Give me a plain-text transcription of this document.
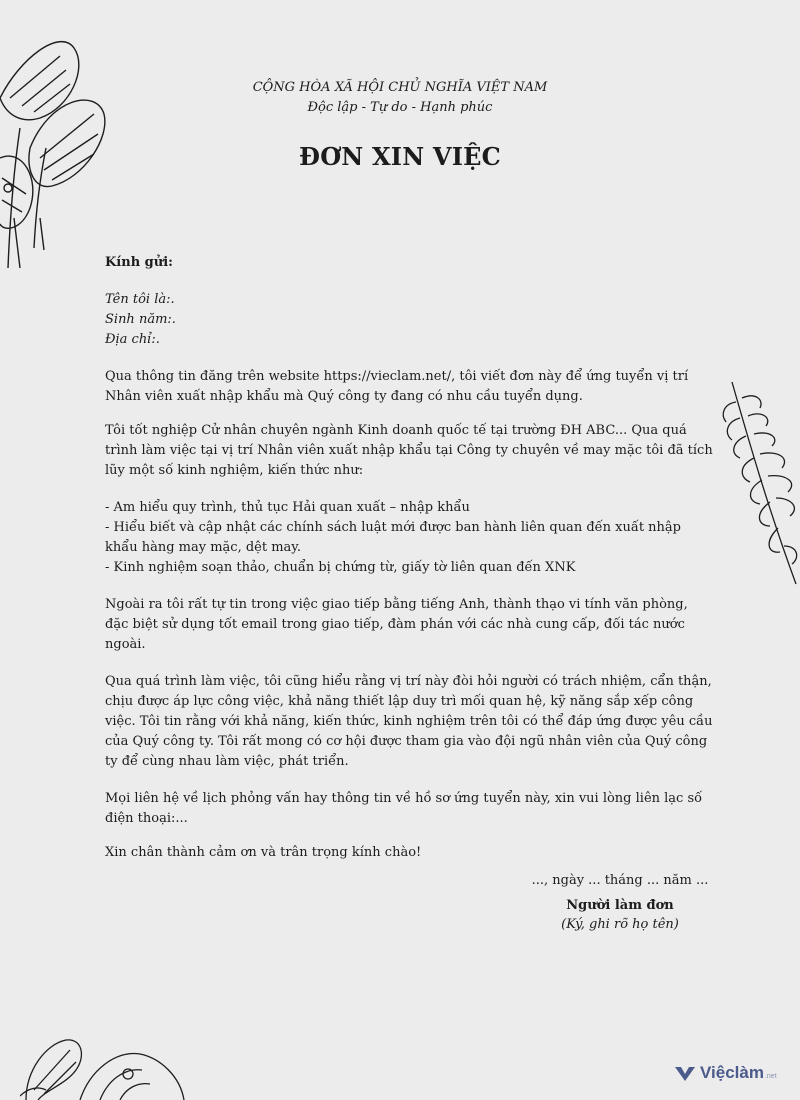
CỘNG HÒA XÃ HỘI CHỦ NGHĨA VIỆT NAM

Độc lập - Tự do - Hạnh phúc

ĐƠN XIN VIỆC

Kính gửi:

Tên tôi là:.

Sinh năm:.

Địa chỉ:.

Qua thông tin đăng trên website https://vieclam.net/, tôi viết đơn này để ứng tuyển vị trí Nhân viên xuất nhập khẩu mà Quý công ty đang có nhu cầu tuyển dụng.

Tôi tốt nghiệp Cử nhân chuyên ngành Kinh doanh quốc tế tại trường ĐH ABC... Qua quá trình làm việc tại vị trí Nhân viên xuất nhập khẩu tại Công ty chuyên về may mặc tôi đã tích lũy một số kinh nghiệm, kiến thức như:

- Am hiểu quy trình, thủ tục Hải quan xuất – nhập khẩu

- Hiểu biết và cập nhật các chính sách luật mới được ban hành liên quan đến xuất nhập khẩu hàng may mặc, dệt may.

- Kinh nghiệm soạn thảo, chuẩn bị chứng từ, giấy tờ liên quan đến XNK

Ngoài ra tôi rất tự tin trong việc giao tiếp bằng tiếng Anh, thành thạo vi tính văn phòng, đặc biệt sử dụng tốt email trong giao tiếp, đàm phán với các nhà cung cấp, đối tác nước ngoài.

Qua quá trình làm việc, tôi cũng hiểu rằng vị trí này đòi hỏi người có trách nhiệm, cẩn thận, chịu được áp lực công việc, khả năng thiết lập duy trì mối quan hệ, kỹ năng sắp xếp công việc. Tôi tin rằng với khả năng, kiến thức, kinh nghiệm trên tôi có thể đáp ứng được yêu cầu của Quý công ty. Tôi rất mong có cơ hội được tham gia vào đội ngũ nhân viên của Quý công ty để cùng nhau làm việc, phát triển.

Mọi liên hệ về lịch phỏng vấn hay thông tin về hồ sơ ứng tuyển này, xin vui lòng liên lạc số điện thoại:...

Xin chân thành cảm ơn và trân trọng kính chào!

..., ngày ... tháng ... năm ...

Người làm đơn

(Ký, ghi rõ họ tên)

Việclàm .net
